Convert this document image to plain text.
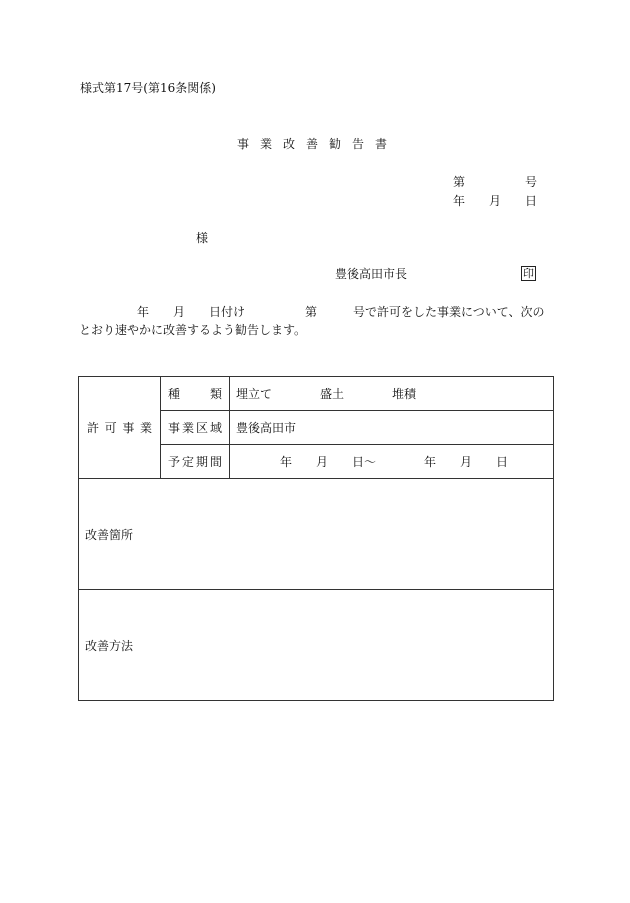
様式第17号(第16条関係)
事業改善勧告書
第　　　　　号
年　　月　　日
様
豊後高田市長	印
年　　月　　日付け　　　　　第　　　号で許可をした事業について、次の
とおり速やかに改善するよう勧告します。
許 可 事 業	種 類	埋立て　　　　盛土　　　　堆積

	事 業 区 域	豊後高田市

	予 定 期 間	年　　月　　日～　　　　年　　月　　日
改善箇所		
改善方法		
